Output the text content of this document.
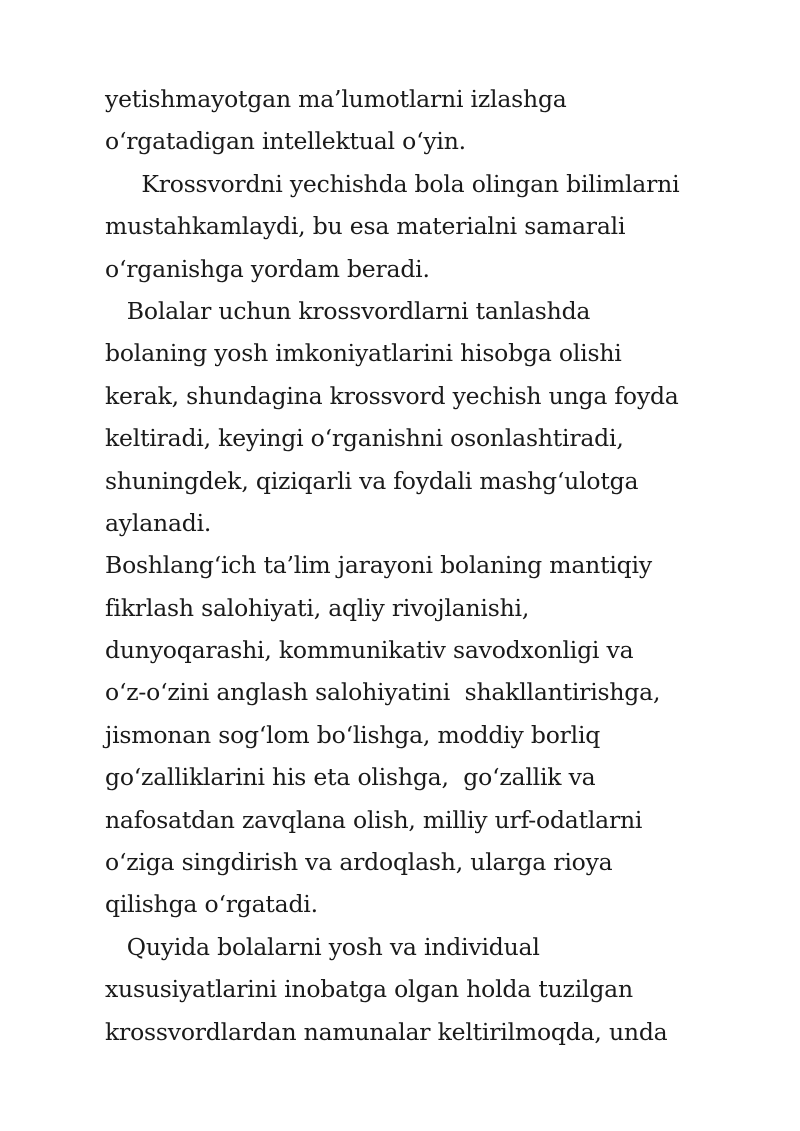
yetishmayotgan ma’lumotlarni izlashga
o‘rgatadigan intellektual o‘yin.
Krossvordni yechishda bola olingan bilimlarni
mustahkamlaydi, bu esa materialni samarali
o‘rganishga yordam beradi.
Bolalar uchun krossvordlarni tanlashda
bolaning yosh imkoniyatlarini hisobga olishi
kerak, shundagina krossvord yechish unga foyda
keltiradi, keyingi o‘rganishni osonlashtiradi,
shuningdek, qiziqarli va foydali mashg‘ulotga
aylanadi.
Boshlang‘ich ta’lim jarayoni bolaning mantiqiy
fikrlash salohiyati, aqliy rivojlanishi,
dunyoqarashi, kommunikativ savodxonligi va
o‘z-o‘zini anglash salohiyatini  shakllantirishga,
jismonan sog‘lom bo‘lishga, moddiy borliq
go‘zalliklarini his eta olishga,  go‘zallik va
nafosatdan zavqlana olish, milliy urf-odatlarni
o‘ziga singdirish va ardoqlash, ularga rioya
qilishga o‘rgatadi.
Quyida bolalarni yosh va individual
xususiyatlarini inobatga olgan holda tuzilgan
krossvordlardan namunalar keltirilmoqda, unda
